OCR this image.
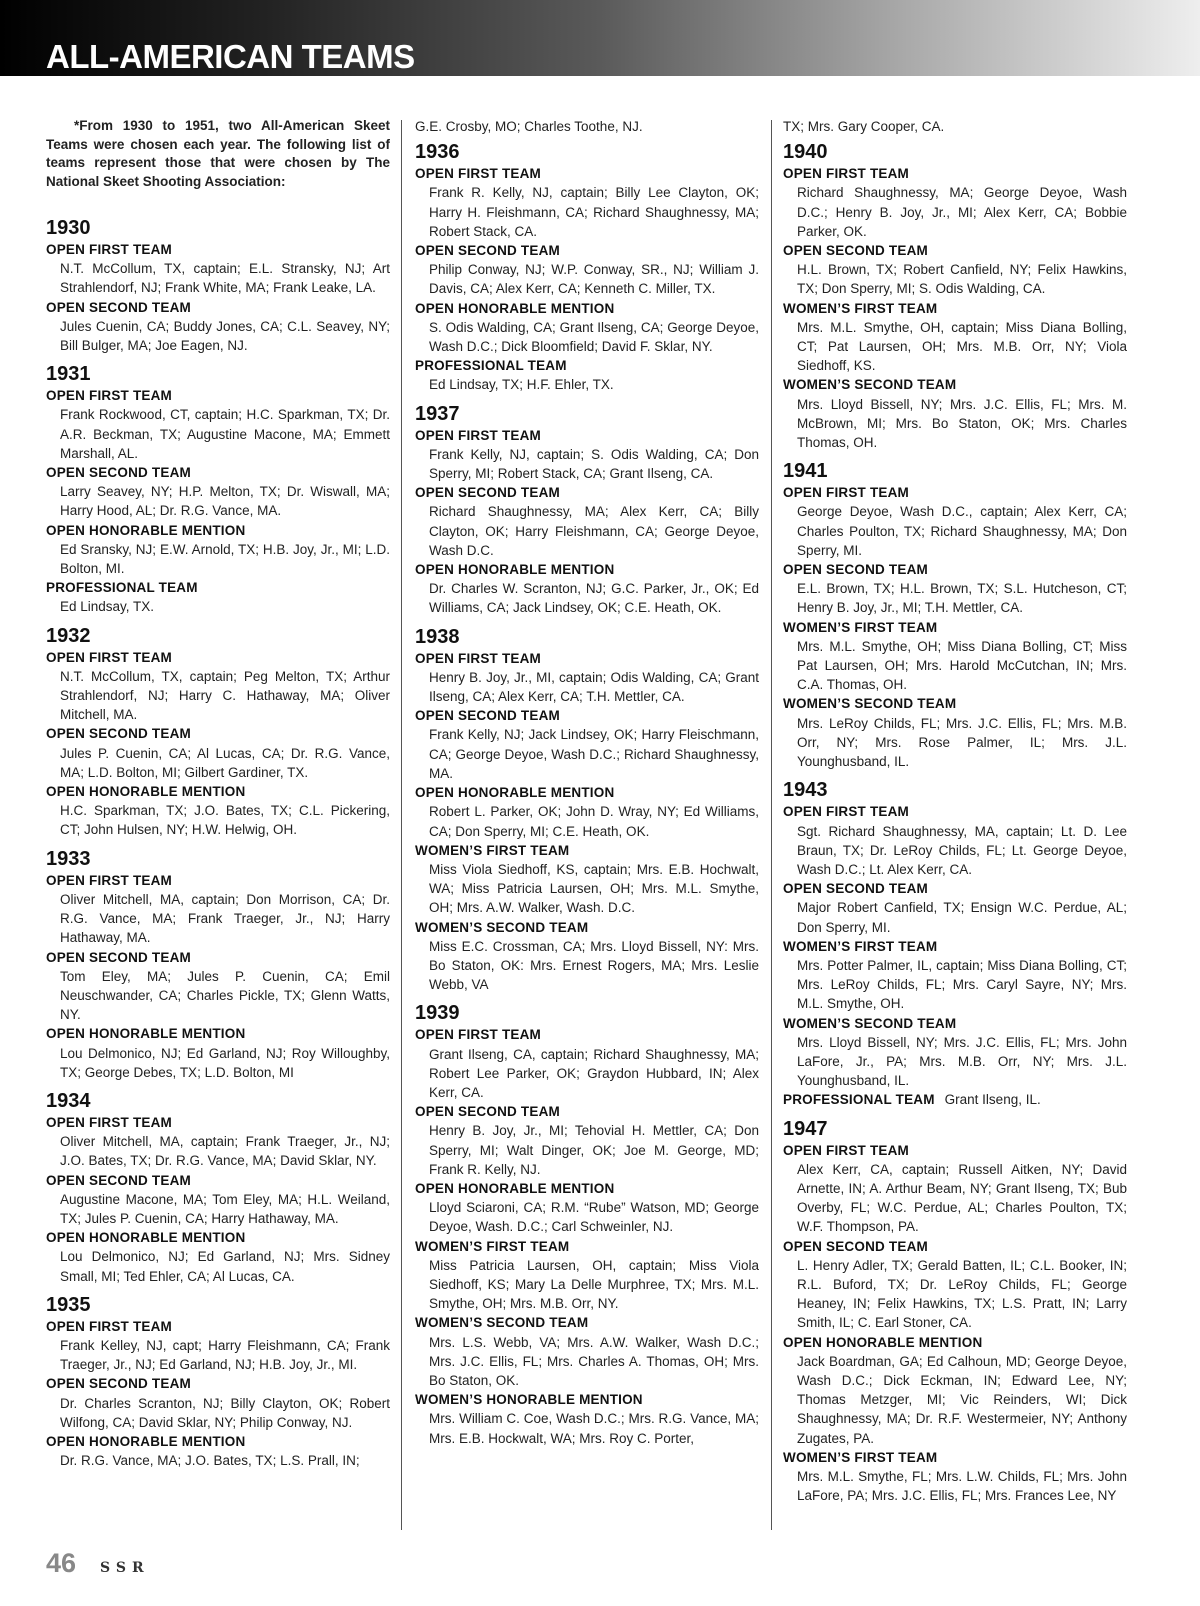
ALL-AMERICAN TEAMS

*From 1930 to 1951, two All-American Skeet Teams were chosen each year. The following list of teams represent those that were chosen by The National Skeet Shooting Association:

1930
OPEN FIRST TEAM
N.T. McCollum, TX, captain; E.L. Stransky, NJ; Art Strahlendorf, NJ; Frank White, MA; Frank Leake, LA.
OPEN SECOND TEAM
Jules Cuenin, CA; Buddy Jones, CA; C.L. Seavey, NY; Bill Bulger, MA; Joe Eagen, NJ.
1931
OPEN FIRST TEAM
Frank Rockwood, CT, captain; H.C. Sparkman, TX; Dr. A.R. Beckman, TX; Augustine Macone, MA; Emmett Marshall, AL.
OPEN SECOND TEAM
Larry Seavey, NY; H.P. Melton, TX; Dr. Wiswall, MA; Harry Hood, AL; Dr. R.G. Vance, MA.
OPEN HONORABLE MENTION
Ed Sransky, NJ; E.W. Arnold, TX; H.B. Joy, Jr., MI; L.D. Bolton, MI.
PROFESSIONAL TEAM
Ed Lindsay, TX.
1932
OPEN FIRST TEAM
N.T. McCollum, TX, captain; Peg Melton, TX; Arthur Strahlendorf, NJ; Harry C. Hathaway, MA; Oliver Mitchell, MA.
OPEN SECOND TEAM
Jules P. Cuenin, CA; Al Lucas, CA; Dr. R.G. Vance, MA; L.D. Bolton, MI; Gilbert Gardiner, TX.
OPEN HONORABLE MENTION
H.C. Sparkman, TX; J.O. Bates, TX; C.L. Pickering, CT; John Hulsen, NY; H.W. Helwig, OH.
1933
OPEN FIRST TEAM
Oliver Mitchell, MA, captain; Don Morrison, CA; Dr. R.G. Vance, MA; Frank Traeger, Jr., NJ; Harry Hathaway, MA.
OPEN SECOND TEAM
Tom Eley, MA; Jules P. Cuenin, CA; Emil Neuschwander, CA; Charles Pickle, TX; Glenn Watts, NY.
OPEN HONORABLE MENTION
Lou Delmonico, NJ; Ed Garland, NJ; Roy Willoughby, TX; George Debes, TX; L.D. Bolton, MI
1934
OPEN FIRST TEAM
Oliver Mitchell, MA, captain; Frank Traeger, Jr., NJ; J.O. Bates, TX; Dr. R.G. Vance, MA; David Sklar, NY.
OPEN SECOND TEAM
Augustine Macone, MA; Tom Eley, MA; H.L. Weiland, TX; Jules P. Cuenin, CA; Harry Hathaway, MA.
OPEN HONORABLE MENTION
Lou Delmonico, NJ; Ed Garland, NJ; Mrs. Sidney Small, MI; Ted Ehler, CA; Al Lucas, CA.
1935
OPEN FIRST TEAM
Frank Kelley, NJ, capt; Harry Fleishmann, CA; Frank Traeger, Jr., NJ; Ed Garland, NJ; H.B. Joy, Jr., MI.
OPEN SECOND TEAM
Dr. Charles Scranton, NJ; Billy Clayton, OK; Robert Wilfong, CA; David Sklar, NY; Philip Conway, NJ.
OPEN HONORABLE MENTION
Dr. R.G. Vance, MA; J.O. Bates, TX; L.S. Prall, IN;

G.E. Crosby, MO; Charles Toothe, NJ.

1936
OPEN FIRST TEAM
Frank R. Kelly, NJ, captain; Billy Lee Clayton, OK; Harry H. Fleishmann, CA; Richard Shaughnessy, MA; Robert Stack, CA.
OPEN SECOND TEAM
Philip Conway, NJ; W.P. Conway, SR., NJ; William J. Davis, CA; Alex Kerr, CA; Kenneth C. Miller, TX.
OPEN HONORABLE MENTION
S. Odis Walding, CA; Grant Ilseng, CA; George Deyoe, Wash D.C.; Dick Bloomfield; David F. Sklar, NY.
PROFESSIONAL TEAM
Ed Lindsay, TX; H.F. Ehler, TX.
1937
OPEN FIRST TEAM
Frank Kelly, NJ, captain; S. Odis Walding, CA; Don Sperry, MI; Robert Stack, CA; Grant Ilseng, CA.
OPEN SECOND TEAM
Richard Shaughnessy, MA; Alex Kerr, CA; Billy Clayton, OK; Harry Fleishmann, CA; George Deyoe, Wash D.C.
OPEN HONORABLE MENTION
Dr. Charles W. Scranton, NJ; G.C. Parker, Jr., OK; Ed Williams, CA; Jack Lindsey, OK; C.E. Heath, OK.
1938
OPEN FIRST TEAM
Henry B. Joy, Jr., MI, captain; Odis Walding, CA; Grant Ilseng, CA; Alex Kerr, CA; T.H. Mettler, CA.
OPEN SECOND TEAM
Frank Kelly, NJ; Jack Lindsey, OK; Harry Fleischmann, CA; George Deyoe, Wash D.C.; Richard Shaughnessy, MA.
OPEN HONORABLE MENTION
Robert L. Parker, OK; John D. Wray, NY; Ed Williams, CA; Don Sperry, MI; C.E. Heath, OK.
WOMEN’S FIRST TEAM
Miss Viola Siedhoff, KS, captain; Mrs. E.B. Hochwalt, WA; Miss Patricia Laursen, OH; Mrs. M.L. Smythe, OH; Mrs. A.W. Walker, Wash. D.C.
WOMEN’S SECOND TEAM
Miss E.C. Crossman, CA; Mrs. Lloyd Bissell, NY: Mrs. Bo Staton, OK: Mrs. Ernest Rogers, MA; Mrs. Leslie Webb, VA
1939
OPEN FIRST TEAM
Grant Ilseng, CA, captain; Richard Shaughnessy, MA; Robert Lee Parker, OK; Graydon Hubbard, IN; Alex Kerr, CA.
OPEN SECOND TEAM
Henry B. Joy, Jr., MI; Tehovial H. Mettler, CA; Don Sperry, MI; Walt Dinger, OK; Joe M. George, MD; Frank R. Kelly, NJ.
OPEN HONORABLE MENTION
Lloyd Sciaroni, CA; R.M. “Rube” Watson, MD; George Deyoe, Wash. D.C.; Carl Schweinler, NJ.
WOMEN’S FIRST TEAM
Miss Patricia Laursen, OH, captain; Miss Viola Siedhoff, KS; Mary La Delle Murphree, TX; Mrs. M.L. Smythe, OH; Mrs. M.B. Orr, NY.
WOMEN’S SECOND TEAM
Mrs. L.S. Webb, VA; Mrs. A.W. Walker, Wash D.C.; Mrs. J.C. Ellis, FL; Mrs. Charles A. Thomas, OH; Mrs. Bo Staton, OK.
WOMEN’S HONORABLE MENTION
Mrs. William C. Coe, Wash D.C.; Mrs. R.G. Vance, MA; Mrs. E.B. Hockwalt, WA; Mrs. Roy C. Porter,

TX; Mrs. Gary Cooper, CA.

1940
OPEN FIRST TEAM
Richard Shaughnessy, MA; George Deyoe, Wash D.C.; Henry B. Joy, Jr., MI; Alex Kerr, CA; Bobbie Parker, OK.
OPEN SECOND TEAM
H.L. Brown, TX; Robert Canfield, NY; Felix Hawkins, TX; Don Sperry, MI; S. Odis Walding, CA.
WOMEN’S FIRST TEAM
Mrs. M.L. Smythe, OH, captain; Miss Diana Bolling, CT; Pat Laursen, OH; Mrs. M.B. Orr, NY; Viola Siedhoff, KS.
WOMEN’S SECOND TEAM
Mrs. Lloyd Bissell, NY; Mrs. J.C. Ellis, FL; Mrs. M. McBrown, MI; Mrs. Bo Staton, OK; Mrs. Charles Thomas, OH.
1941
OPEN FIRST TEAM
George Deyoe, Wash D.C., captain; Alex Kerr, CA; Charles Poulton, TX; Richard Shaughnessy, MA; Don Sperry, MI.
OPEN SECOND TEAM
E.L. Brown, TX; H.L. Brown, TX; S.L. Hutcheson, CT; Henry B. Joy, Jr., MI; T.H. Mettler, CA.
WOMEN’S FIRST TEAM
Mrs. M.L. Smythe, OH; Miss Diana Bolling, CT; Miss Pat Laursen, OH; Mrs. Harold McCutchan, IN; Mrs. C.A. Thomas, OH.
WOMEN’S SECOND TEAM
Mrs. LeRoy Childs, FL; Mrs. J.C. Ellis, FL; Mrs. M.B. Orr, NY; Mrs. Rose Palmer, IL; Mrs. J.L. Younghusband, IL.
1943
OPEN FIRST TEAM
Sgt. Richard Shaughnessy, MA, captain; Lt. D. Lee Braun, TX; Dr. LeRoy Childs, FL; Lt. George Deyoe, Wash D.C.; Lt. Alex Kerr, CA.
OPEN SECOND TEAM
Major Robert Canfield, TX; Ensign W.C. Perdue, AL; Don Sperry, MI.
WOMEN’S FIRST TEAM
Mrs. Potter Palmer, IL, captain; Miss Diana Bolling, CT; Mrs. LeRoy Childs, FL; Mrs. Caryl Sayre, NY; Mrs. M.L. Smythe, OH.
WOMEN’S SECOND TEAM
Mrs. Lloyd Bissell, NY; Mrs. J.C. Ellis, FL; Mrs. John LaFore, Jr., PA; Mrs. M.B. Orr, NY; Mrs. J.L. Younghusband, IL.
PROFESSIONAL TEAM Grant Ilseng, IL.
1947
OPEN FIRST TEAM
Alex Kerr, CA, captain; Russell Aitken, NY; David Arnette, IN; A. Arthur Beam, NY; Grant Ilseng, TX; Bub Overby, FL; W.C. Perdue, AL; Charles Poulton, TX; W.F. Thompson, PA.
OPEN SECOND TEAM
L. Henry Adler, TX; Gerald Batten, IL; C.L. Booker, IN; R.L. Buford, TX; Dr. LeRoy Childs, FL; George Heaney, IN; Felix Hawkins, TX; L.S. Pratt, IN; Larry Smith, IL; C. Earl Stoner, CA.
OPEN HONORABLE MENTION
Jack Boardman, GA; Ed Calhoun, MD; George Deyoe, Wash D.C.; Dick Eckman, IN; Edward Lee, NY; Thomas Metzger, MI; Vic Reinders, WI; Dick Shaughnessy, MA; Dr. R.F. Westermeier, NY; Anthony Zugates, PA.
WOMEN’S FIRST TEAM
Mrs. M.L. Smythe, FL; Mrs. L.W. Childs, FL; Mrs. John LaFore, PA; Mrs. J.C. Ellis, FL; Mrs. Frances Lee, NY
46 SSR
